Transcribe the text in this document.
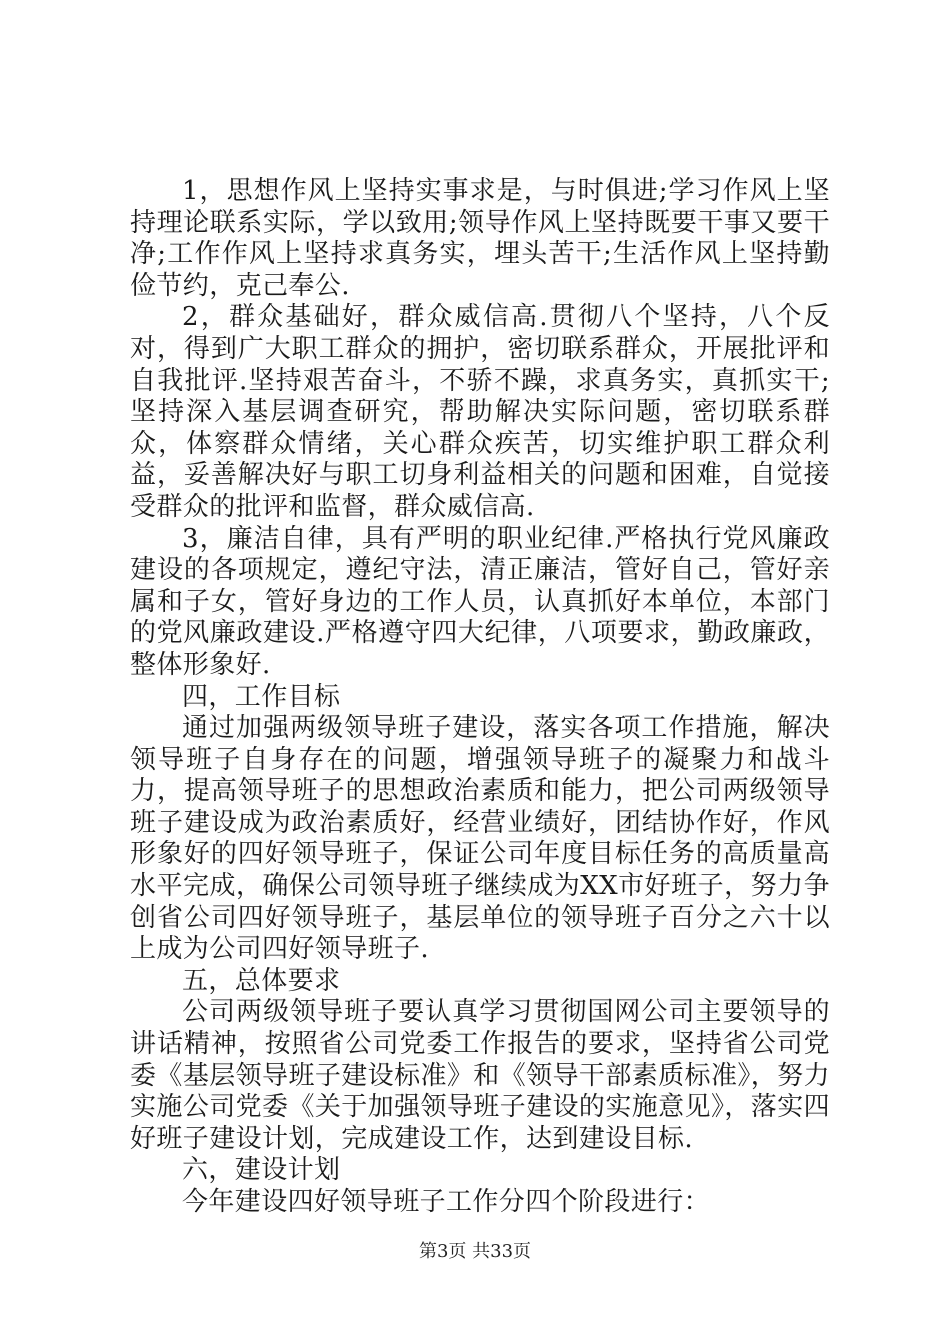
1，思想作风上坚持实事求是，与时俱进;学习作风上坚持理论联系实际，学以致用;领导作风上坚持既要干事又要干净;工作作风上坚持求真务实，埋头苦干;生活作风上坚持勤俭节约，克己奉公.

2，群众基础好，群众威信高.贯彻八个坚持，八个反对，得到广大职工群众的拥护，密切联系群众，开展批评和自我批评.坚持艰苦奋斗，不骄不躁，求真务实，真抓实干;坚持深入基层调查研究，帮助解决实际问题，密切联系群众，体察群众情绪，关心群众疾苦，切实维护职工群众利益，妥善解决好与职工切身利益相关的问题和困难，自觉接受群众的批评和监督，群众威信高.

3，廉洁自律，具有严明的职业纪律.严格执行党风廉政建设的各项规定，遵纪守法，清正廉洁，管好自己，管好亲属和子女，管好身边的工作人员，认真抓好本单位，本部门的党风廉政建设.严格遵守四大纪律，八项要求，勤政廉政，整体形象好.

四，工作目标

通过加强两级领导班子建设，落实各项工作措施，解决领导班子自身存在的问题，增强领导班子的凝聚力和战斗力，提高领导班子的思想政治素质和能力，把公司两级领导班子建设成为政治素质好，经营业绩好，团结协作好，作风形象好的四好领导班子，保证公司年度目标任务的高质量高水平完成，确保公司领导班子继续成为XX市好班子，努力争创省公司四好领导班子，基层单位的领导班子百分之六十以上成为公司四好领导班子.

五，总体要求

公司两级领导班子要认真学习贯彻国网公司主要领导的讲话精神，按照省公司党委工作报告的要求，坚持省公司党委《基层领导班子建设标准》和《领导干部素质标准》，努力实施公司党委《关于加强领导班子建设的实施意见》，落实四好班子建设计划，完成建设工作，达到建设目标.

六，建设计划

今年建设四好领导班子工作分四个阶段进行：

第3页 共33页
